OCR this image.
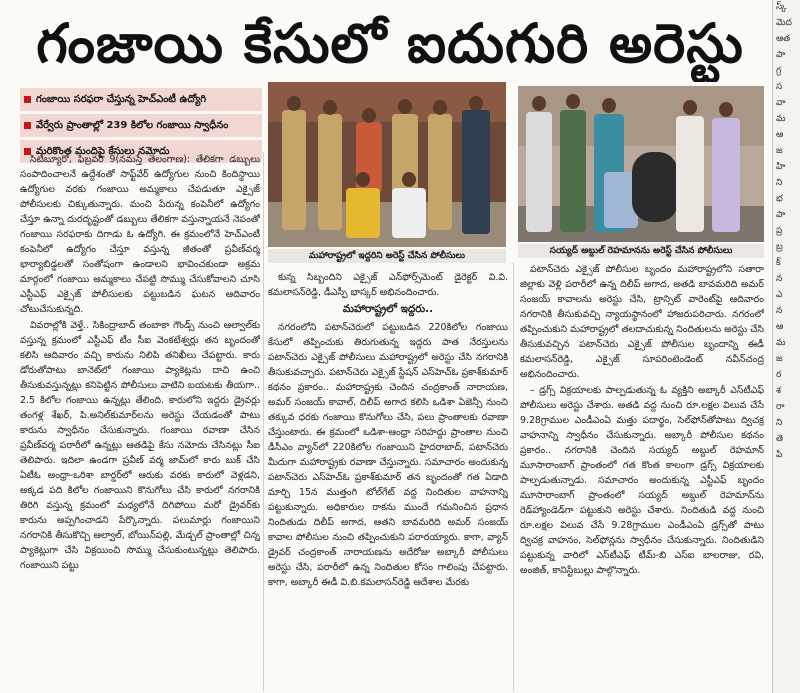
గంజాయి కేసులో ఐదుగురి అరెస్టు
గంజాయి సరఫరా చేస్తున్న హెచ్ఎంటీ ఉద్యోగి
వేర్వేరు ప్రాంతాల్లో 239 కిలోల గంజాయి స్వాధీనం
మరికొంత మందిపై కేసులు నమోదు
మహారాష్ట్రలో ఇద్దరిని అరెస్ట్ చేసిన పోలీసులు	సయ్యద్ అబ్దుల్ రెహమానను అరెస్ట్ చేసిన పోలీసులు

సిటీబ్యూరో, ఫిబ్రవరి 9(నమస్తే తెలంగాణ): తేలికగా డబ్బులు సంపాదించాలనే ఉద్దేశంతో సాఫ్ట్‌వేర్ ఉద్యోగుల నుంచి కిందిస్థాయి ఉద్యోగుల వరకు గంజాయి అమ్మకాలు చేపడుతూ ఎక్సైజ్ పోలీసులకు చిక్కుతున్నారు. మంచి పేరున్న కంపెనీలో ఉద్యోగం చేస్తూ ఉన్నా దురదృష్టంతో డబ్బులు తేలికగా వస్తున్నాయనే నెపంతో గంజాయి సరఫరాకు దిగాడు ఓ ఉద్యోగి. ఈ క్రమంలోనే హెచ్ఎంటీ కంపెనీలో ఉద్యోగం చేస్తూ వస్తున్న జీతంతో ప్రవీణ్‌వర్మ భార్యాబిడ్డలతో సంతోషంగా ఉండాలని భావించకుండా అక్రమ మార్గంలో గంజాయి అమ్మకాలు చేపట్టి సొమ్ము చేసుకోవాలని చూసి ఎస్టీఎఫ్ ఎక్సైజ్ పోలీసులకు పట్టుబడిన ఘటన ఆదివారం చోటుచేసుకున్నది.

వివరాల్లోకి వెళ్తే.. సికింద్రాబాద్ తంబాకా గౌండ్స్ నుంచి ఆల్వాల్‌కు వస్తున్న క్రమంలో ఎస్టీఎఫ్ టీం సీఐ వెంకటేశ్వర్లు తన బృందంతో కలిసి ఆదివారం వచ్చి కారును నిలిపి తనిఖీలు చేపట్టారు. కారు డోరుతోపాటు బానెట్‌లో గంజాయి ప్యాకెట్లను దాచి ఉంచి తీసుకువస్తున్నట్లు కనిపెట్టిన పోలీసులు వాటిని బయటకు తీయగా.. 2.5 కిలోల గంజాయి ఉన్నట్లు తేలింది. కారులోని ఇద్దరు డ్రైవర్లు తంగళ్ల శేఖర్, పి.అనిల్‌కుమార్‌లను అరెస్టు చేయడంతో పాటు కారును స్వాధీనం చేసుకున్నారు. గంజాయి రవాణా చేసిన ప్రవీణ్‌వర్మ పరారీలో ఉన్నట్లు ఆతడిపై కేసు నమోదు చేసినట్లు సీఐ తెలిపారు. ఇదిలా ఉండగా ప్రవీణ్ వర్మ జామ్‌లో కారు బుక్ చేసి ఏటీఓ అంధ్రా-ఒరిశా బార్డర్‌లో ఆరుకు వరకు కారులో వెళ్లడని, అక్కడ పది కిలోల గంజాయిని కొనుగోలు చేసి కారులో నగరానికి తిరిగి వస్తున్న క్రమంలో మధ్యలోనే దిగిపోయి మరో డ్రైవర్‌కు కారును అప్పగించాడని పేర్కొన్నారు. పలుమార్లు గంజాయిని నగరానికి తీసుకొచ్చి ఆల్వాల్, బోయిన్‌పల్లి, మేడ్చల్ ప్రాంతాల్లో చిన్న ప్యాకెట్లుగా చేసి విక్రయించి సొమ్ము చేసుకుంటున్నట్లు తెలిపారు. గంజాయిని పట్టు

కున్న సిబ్బందిని ఎక్సైజ్ ఎన్‌ఫోర్స్‌మెంట్ డైరెక్టర్ వి.వి. కమలాసన్‌రెడ్డి, డీఎస్పీ భాస్కర్ అభినందించారు.

మహారాష్ట్రలో ఇద్దరు..

నగరంలోని పటాన్‌చెరులో పట్టుబడిన 220కిలోల గంజాయి కేసులో తప్పించుకు తిరుగుతున్న ఇద్దరు పాత నేరస్తులను పటాన్‌చెరు ఎక్సైజ్ పోలీసులు మహారాష్ట్రలో అరెస్టు చేసి నగరానికి తీసుకువచ్చారు. పటాన్‌చెరు ఎక్సైజ్ స్టేషన్ ఎస్‌హెచ్ఓ ప్రకాశ్‌కుమార్ కథనం ప్రకారం.. మహారాష్ట్రకు చెందిన చంద్రకాంత్ నారాయణ, అమర్ సంజయ్ కావాల్, దిలీప్ అగాద కలిసి ఒడిశా ఏజెన్సీ నుంచి తక్కువ ధరకు గంజాయి కొనుగోలు చేసి, పలు ప్రాంతాలకు రవాణా చేస్తుంటారు. ఈ క్రమంలో ఒడిశా-ఆంధ్రా సరిహద్దు ప్రాంతాల నుంచి డీసీఎం వ్యాన్‌లో 220కిలోల గంజాయిని హైదరాబాద్, పటాన్‌చెరు మీదుగా మహారాష్ట్రకు రవాణా చేస్తున్నారు. సమాచారం అందుకున్న పటాన్‌చెరు ఎస్‌హెచ్ఓ ప్రకాశ్‌కుమార్ తన బృందంతో గత ఏడాది మార్చి 15న ముత్తంగి టోల్‌గేట్ వద్ద నిందితుల వాహనాన్ని పట్టుకున్నారు. అధికారుల రాకను ముందే గమనించిన ప్రధాన నిందితుడు దిలీప్ అగాద, ఆతని బావమరిది అమర్ సంజయ్ కావాల పోలీసుల నుంచి తప్పించుకుని పరారయ్యారు. కాగా, వ్యాన్ డ్రైవర్ చంద్రకాంత్ నారాయణను అదేరోజు అబ్కారీ పోలీసులు అరెస్టు చేసి, పరారీలో ఉన్న నిందితుల కోసం గాలింపు చేపట్టారు. కాగా, అబ్కారీ ఈడీ వి.బి.కమలాసన్‌రెడ్డి ఆదేశాల మేరకు

పటాన్‌చెరు ఎక్సైజ్ పోలీసుల బృందం మహారాష్ట్రలోని సతారా జిల్లాకు వెళ్లి పరారీలో ఉన్న దిలీప్ అగాద, అతడి బావమరిది అమర్ సంజయ్ కావాలను అరెస్టు చేసి, ట్రాన్సిట్ వారెంట్‌పై ఆదివారం నగరానికి తీసుకువచ్చి న్యాయస్థానంలో హాజరుపరిచారు. నగరంలో తప్పించుకుని మహారాష్ట్రలో తలదాచుకున్న నిందితులను అరెస్టు చేసి తీసుకువచ్చిన పటాన్‌చెరు ఎక్సైజ్ పోలీసుల బృందాన్ని ఈడీ కమలాసన్‌రెడ్డి, ఎక్సైజ్ సూపరింటెండెంట్ నవీన్‌చంద్ర అభినందించారు.

– డ్రగ్స్ విక్రయాలకు పాల్పడుతున్న ఓ వ్యక్తిని అబ్కారీ ఎస్‌టీఎఫ్ పోలీసులు అరెస్టు చేశారు. అతడి వద్ద నుంచి రూ.లక్షల విలువ చేసే 9.28గ్రాముల ఎండీఎంఏ మత్తు పదార్థం, సెల్‌ఫోన్‌తోపాటు ద్విచక్ర వాహనాన్ని స్వాధీనం చేసుకున్నారు. అబ్కారీ పోలీసుల కథనం ప్రకారం.. నగరానికి చెందిన సయ్యద్ అబ్దుల్ రెహమాన్ మూసారాంబాగ్ ప్రాంతంలో గత కొంత కాలంగా డ్రగ్స్ విక్రయాలకు పాల్పడుతున్నాడు. సమాచారం అందుకున్న ఎస్టీఎఫ్ బృందం మూసారాంబాగ్ ప్రాంతంలో సయ్యద్ అబ్దుల్ రెహమాన్‌ను రెడ్‌హ్యాండెడ్‌గా పట్టుకుని అరెస్టు చేశారు. నిందితుడి వద్ద నుంచి రూ.లక్షల విలువ చేసే 9.28గ్రాముల ఎండీఎంఏ డ్రగ్స్‌తో పాటు ద్విచక్ర వాహనం, సెల్‌ఫోన్లను స్వాధీనం చేసుకున్నారు. నిందితుడిని పట్టుకున్న వారిలో ఎస్‌టీఎఫ్ టీమ్-బి ఎస్ఐ బాలరాజు, రవి, అంజిత్, కానిస్టేబుల్లు పాల్గొన్నారు.

స్క్
మెద
ఆత
పా
గ్ర
స
వా
మ
ఆ
జ
హి
ని
భ
పా
ప్ర
బ్ర
క్
న
ఎ
న
ఆ
మ
జ
ర
శ
రా
ని
తె
పి
